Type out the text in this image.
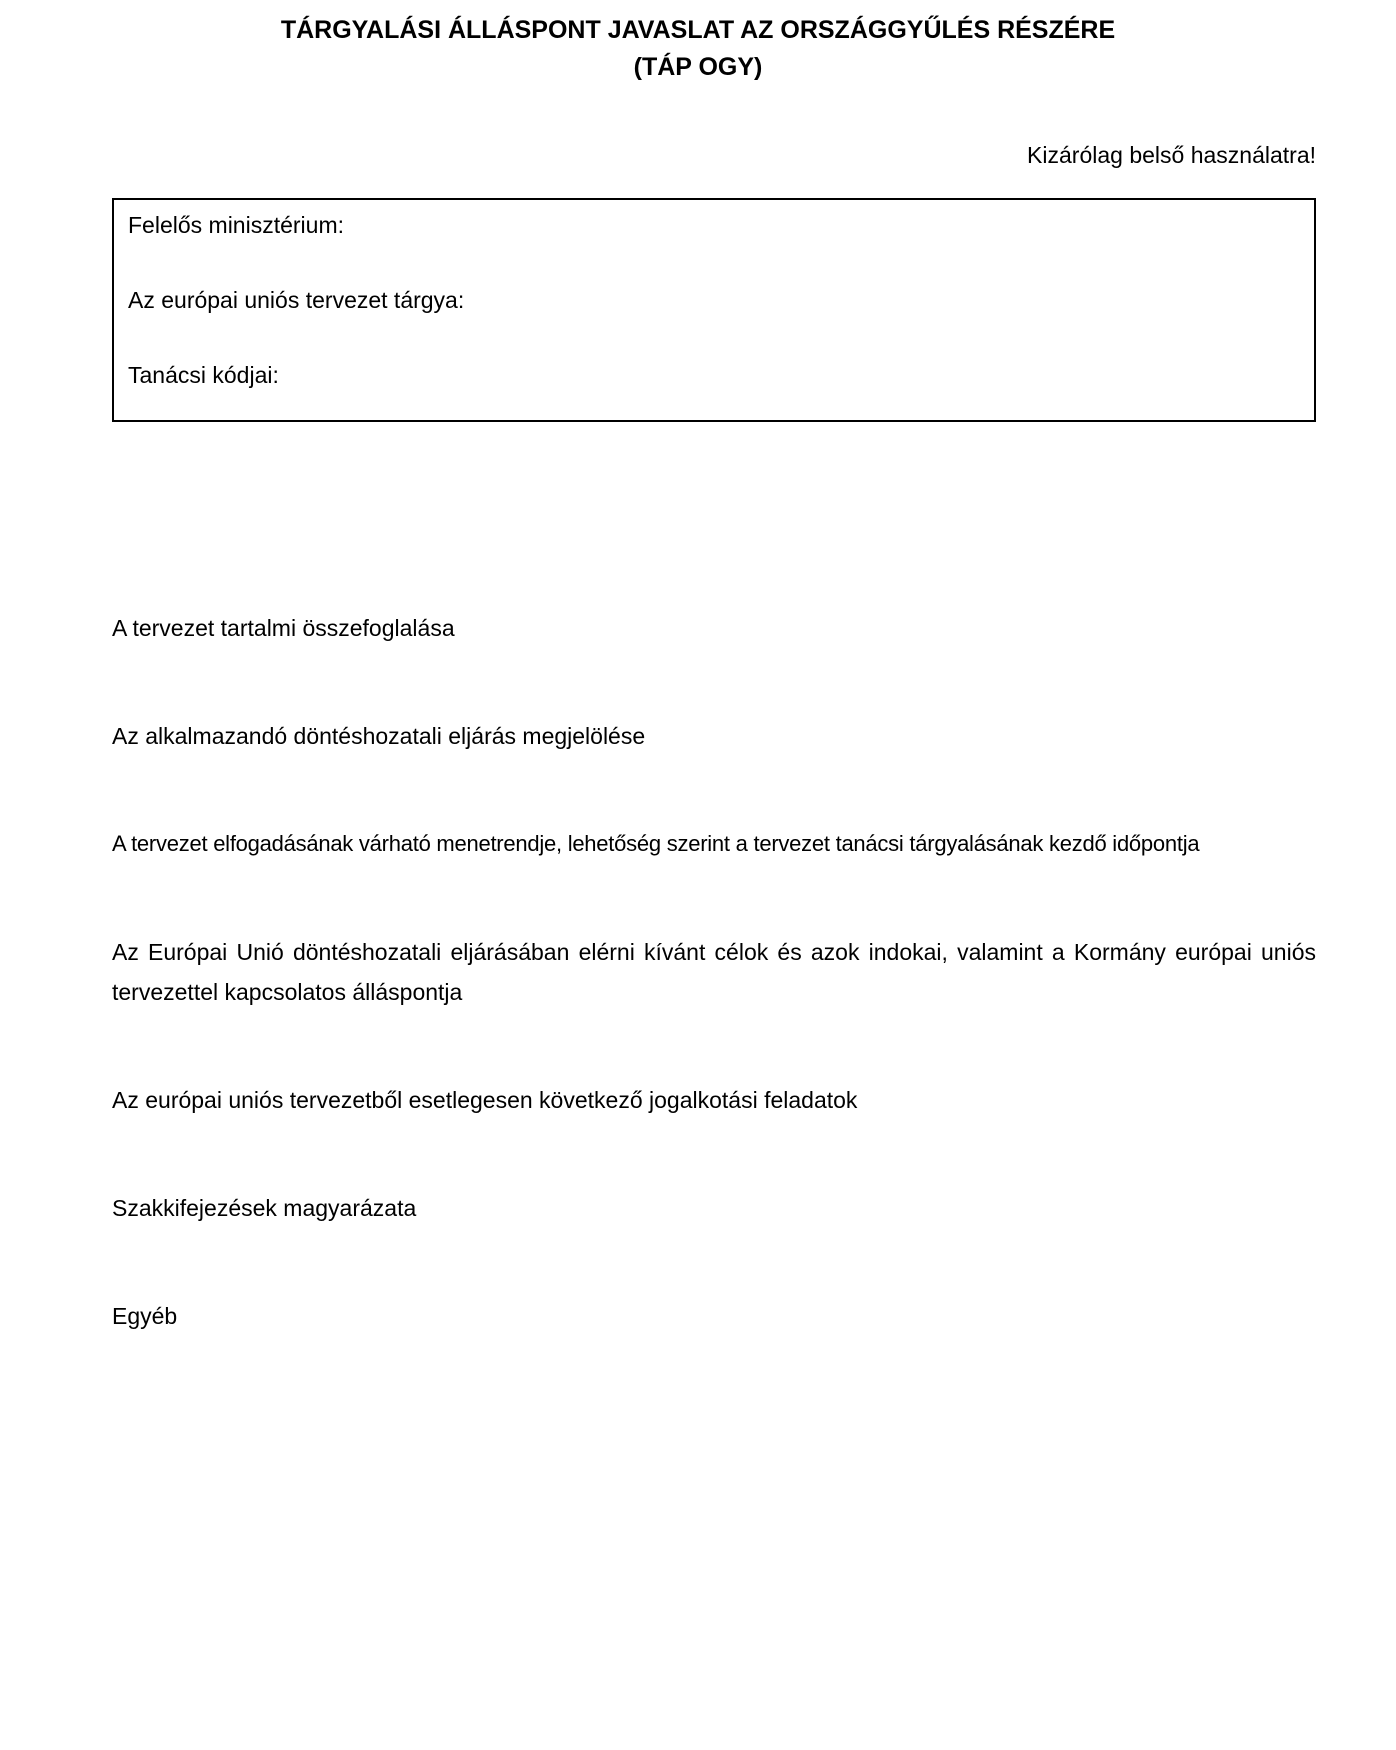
TÁRGYALÁSI ÁLLÁSPONT JAVASLAT AZ ORSZÁGGYŰLÉS RÉSZÉRE
(TÁP OGY)

Kizárólag belső használatra!

Felelős minisztérium:

Az európai uniós tervezet tárgya:

Tanácsi kódjai:

A tervezet tartalmi összefoglalása

Az alkalmazandó döntéshozatali eljárás megjelölése

A tervezet elfogadásának várható menetrendje, lehetőség szerint a tervezet tanácsi tárgyalásának kezdő időpontja

Az Európai Unió döntéshozatali eljárásában elérni kívánt célok és azok indokai, valamint a Kormány európai uniós tervezettel kapcsolatos álláspontja

Az európai uniós tervezetből esetlegesen következő jogalkotási feladatok

Szakkifejezések magyarázata

Egyéb
